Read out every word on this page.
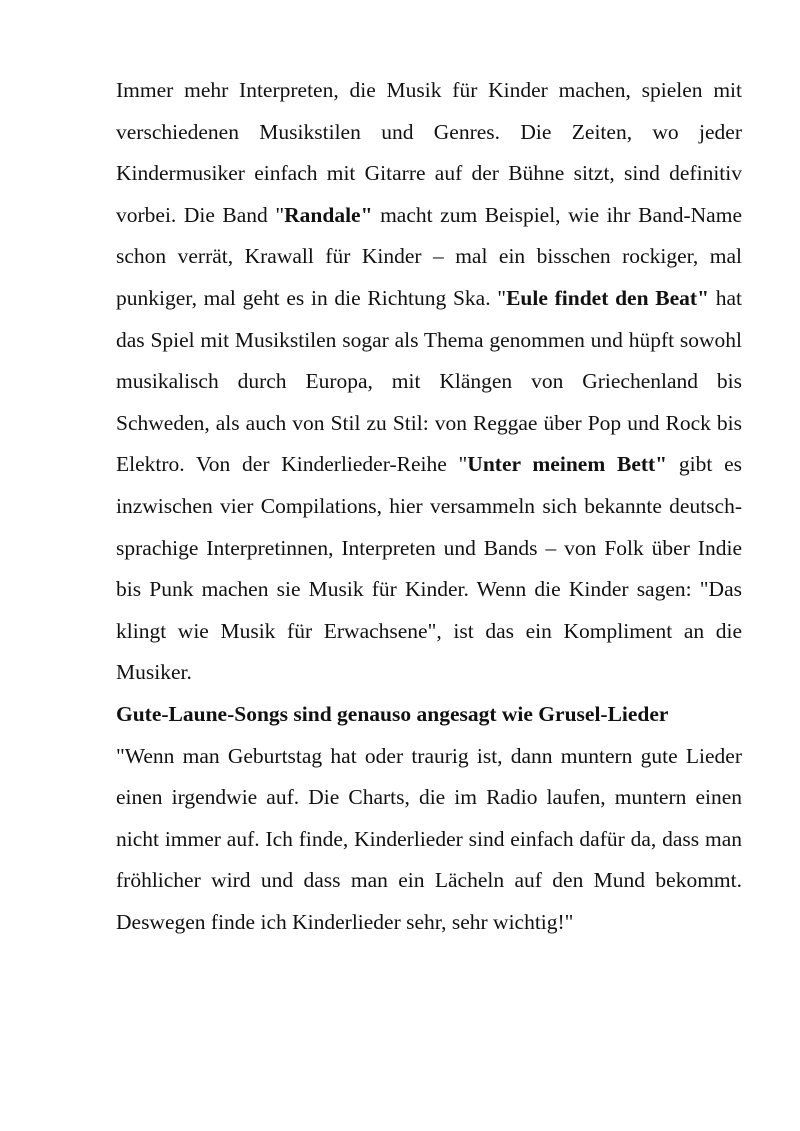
Immer mehr Interpreten, die Musik für Kinder machen, spielen mit verschiedenen Musikstilen und Genres. Die Zeiten, wo jeder Kindermusiker einfach mit Gitarre auf der Bühne sitzt, sind definitiv vorbei. Die Band "Randale" macht zum Beispiel, wie ihr Band-Name schon verrät, Krawall für Kinder – mal ein bisschen rockiger, mal punkiger, mal geht es in die Richtung Ska. "Eule findet den Beat" hat das Spiel mit Musikstilen sogar als Thema genommen und hüpft sowohl musikalisch durch Europa, mit Klängen von Griechenland bis Schweden, als auch von Stil zu Stil: von Reggae über Pop und Rock bis Elektro. Von der Kinderlieder-Reihe "Unter meinem Bett" gibt es inzwischen vier Compilations, hier versammeln sich bekannte deutsch-sprachige Interpretinnen, Interpreten und Bands – von Folk über Indie bis Punk machen sie Musik für Kinder. Wenn die Kinder sagen: "Das klingt wie Musik für Erwachsene", ist das ein Kompliment an die Musiker.

Gute-Laune-Songs sind genauso angesagt wie Grusel-Lieder

"Wenn man Geburtstag hat oder traurig ist, dann muntern gute Lieder einen irgendwie auf. Die Charts, die im Radio laufen, muntern einen nicht immer auf. Ich finde, Kinderlieder sind einfach dafür da, dass man fröhlicher wird und dass man ein Lächeln auf den Mund bekommt. Deswegen finde ich Kinderlieder sehr, sehr wichtig!"
